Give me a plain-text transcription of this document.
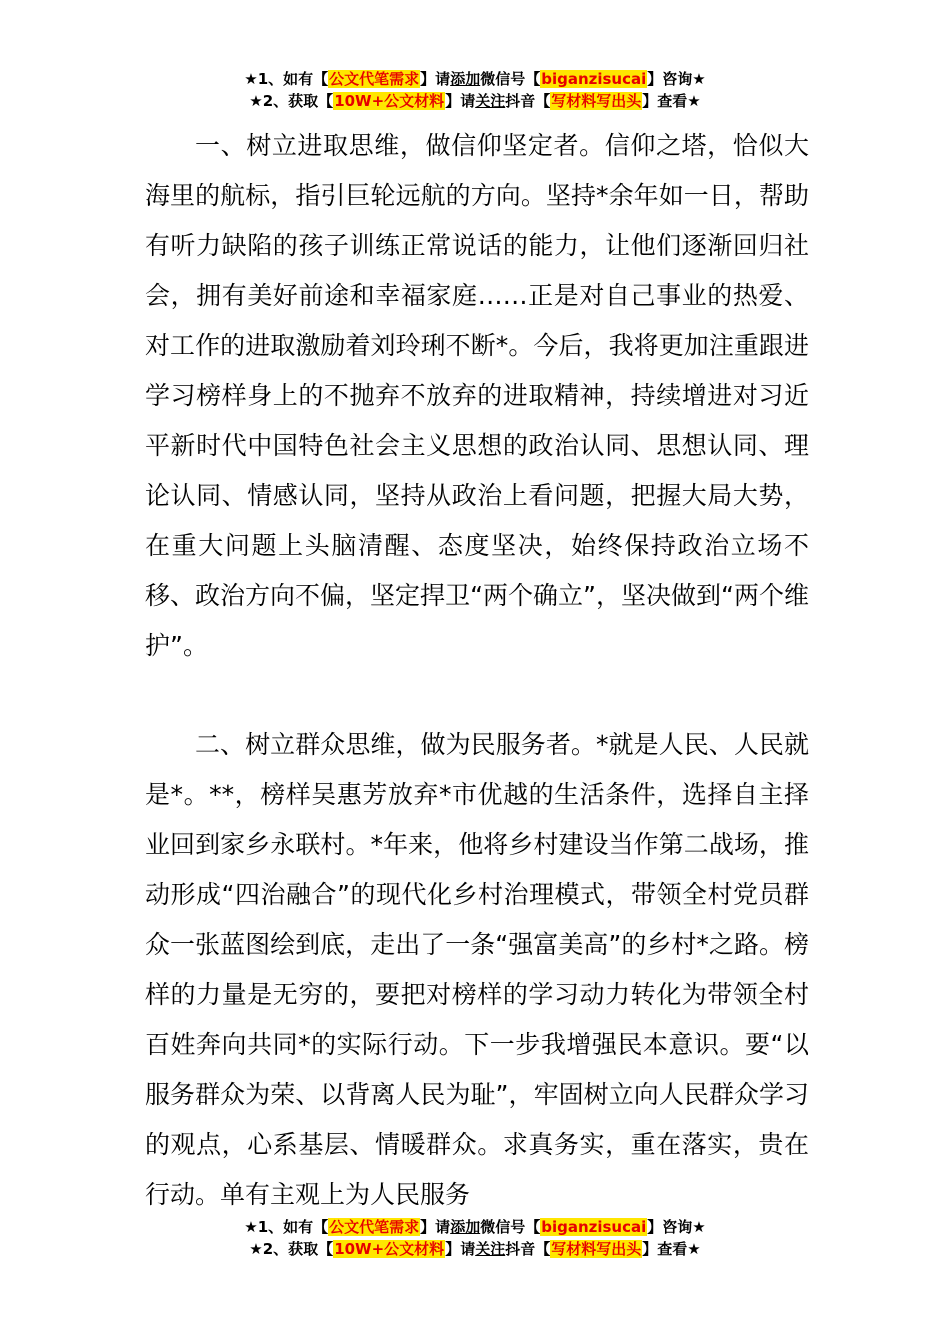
★1、如有【公文代笔需求】请添加微信号【biganzisucai】咨询★
★2、获取【10W+公文材料】请关注抖音【写材料写出头】查看★

一、树立进取思维，做信仰坚定者。信仰之塔，恰似大海里的航标，指引巨轮远航的方向。坚持*余年如一日，帮助有听力缺陷的孩子训练正常说话的能力，让他们逐渐回归社会，拥有美好前途和幸福家庭……正是对自己事业的热爱、对工作的进取激励着刘玲琍不断*。今后，我将更加注重跟进学习榜样身上的不抛弃不放弃的进取精神，持续增进对习近平新时代中国特色社会主义思想的政治认同、思想认同、理论认同、情感认同，坚持从政治上看问题，把握大局大势，在重大问题上头脑清醒、态度坚决，始终保持政治立场不移、政治方向不偏，坚定捍卫“两个确立”，坚决做到“两个维护”。

二、树立群众思维，做为民服务者。*就是人民、人民就是*。**，榜样吴惠芳放弃*市优越的生活条件，选择自主择业回到家乡永联村。*年来，他将乡村建设当作第二战场，推动形成“四治融合”的现代化乡村治理模式，带领全村党员群众一张蓝图绘到底，走出了一条“强富美高”的乡村*之路。榜样的力量是无穷的，要把对榜样的学习动力转化为带领全村百姓奔向共同*的实际行动。下一步我增强民本意识。要“以服务群众为荣、以背离人民为耻”，牢固树立向人民群众学习的观点，心系基层、情暖群众。求真务实，重在落实，贵在行动。单有主观上为人民服务

★1、如有【公文代笔需求】请添加微信号【biganzisucai】咨询★
★2、获取【10W+公文材料】请关注抖音【写材料写出头】查看★
